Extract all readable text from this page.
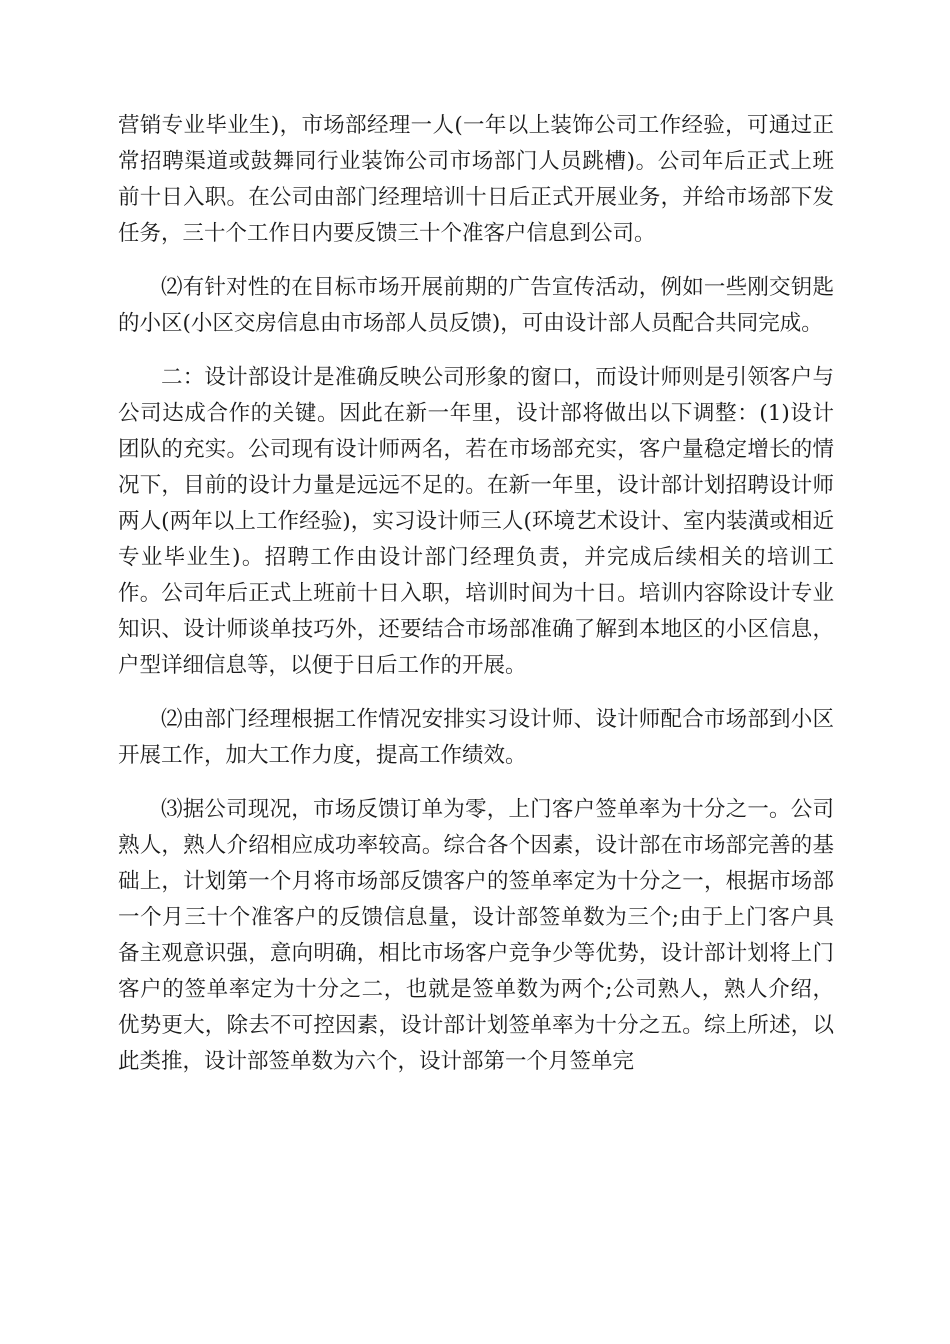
营销专业毕业生)，市场部经理一人(一年以上装饰公司工作经验，可通过正常招聘渠道或鼓舞同行业装饰公司市场部门人员跳槽)。公司年后正式上班前十日入职。在公司由部门经理培训十日后正式开展业务，并给市场部下发任务，三十个工作日内要反馈三十个准客户信息到公司。

⑵有针对性的在目标市场开展前期的广告宣传活动，例如一些刚交钥匙的小区(小区交房信息由市场部人员反馈)，可由设计部人员配合共同完成。

二：设计部设计是准确反映公司形象的窗口，而设计师则是引领客户与公司达成合作的关键。因此在新一年里，设计部将做出以下调整：(1)设计团队的充实。公司现有设计师两名，若在市场部充实，客户量稳定增长的情况下，目前的设计力量是远远不足的。在新一年里，设计部计划招聘设计师两人(两年以上工作经验)，实习设计师三人(环境艺术设计、室内装潢或相近专业毕业生)。招聘工作由设计部门经理负责，并完成后续相关的培训工作。公司年后正式上班前十日入职，培训时间为十日。培训内容除设计专业知识、设计师谈单技巧外，还要结合市场部准确了解到本地区的小区信息，户型详细信息等，以便于日后工作的开展。

⑵由部门经理根据工作情况安排实习设计师、设计师配合市场部到小区开展工作，加大工作力度，提高工作绩效。

⑶据公司现况，市场反馈订单为零，上门客户签单率为十分之一。公司熟人，熟人介绍相应成功率较高。综合各个因素，设计部在市场部完善的基础上，计划第一个月将市场部反馈客户的签单率定为十分之一，根据市场部一个月三十个准客户的反馈信息量，设计部签单数为三个;由于上门客户具备主观意识强，意向明确，相比市场客户竞争少等优势，设计部计划将上门客户的签单率定为十分之二，也就是签单数为两个;公司熟人，熟人介绍，优势更大，除去不可控因素，设计部计划签单率为十分之五。综上所述，以此类推，设计部签单数为六个，设计部第一个月签单完
